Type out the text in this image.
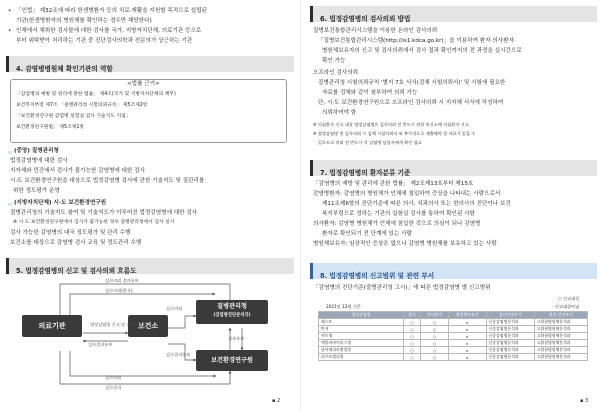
• 「인법」 제32조에 따라 한센병환자 등의 치료·재활을 지원할 목적으로 설립된
기관(한센병환자의 병원체를 확인하는 경우만 해당한다)
• 인체에서 채취한 검사물에 대한 검사를 국가, 지방자치단체, 의료기관 등으로
부터 위탁받아 처리하는 기관 중 진단검사의학과 전문의가 상근하는 기관
4. 감염병병원체 확인기관의 역할
<법률 근거>
「감염병의 예방 및 관리에 관한 법률」 제4조(국가 및 지방자치단체의 책무)
보건복지부령 제7조 「질병관리청 시험의뢰규칙」 제5조제2항
「보건환경연구원 감염병 실험실 검사 기술지도 지침」
보건환경연구원법」 제5조제1항
(중앙) 질병관리청
법정감염병에 대한 검사
지자체와 민간에서 검사가 불가능한 감염병에 대한 검사
시·도 보건환경연구원을 대상으로 법정감염병 검사에 관한 기술지도 및 질관리를
위한 정도평가 운영
(지방자치단체) 시·도 보건환경연구원
질병관리청의 기술지도 참여 및 기술지도가 이루어진 법정감염병에 대한 검사
※ 시·도 보건환경연구원에서 검사가 불가능한 경우 질병관리청에서 검사 실시
검사 가능한 감염병의 대국 정도평가 및 관리 수행
보건소를 대상으로 감염병 검사 교육 및 정도관리 수행
5. 법정감염병의 신고 및 검사의뢰 흐름도
의료기관	보건소
질병관리청
(감염병진단분석국)
보건환경연구원
검사의뢰 결과통보
검사의뢰(환자)
법정감염병 신고 및 검사의뢰
검사결과통보
검사의뢰
검사결과통보
결과통보
검사결과
검사의뢰
▪ 2
6. 법정감염병의 검사의뢰 방법
질병보건통합관리시스템을 이용한 온라인 검사의뢰
「질병보건통합관리시스템(http://is1.kdca.go.kr)」을 이용하여 환자·의사환자·
병원체보유자의 신고 및 검사의뢰에서 검사 결과 확인까지의 전 과정을 실시간으로
확인 가능
오프라인 검사의뢰
질병관리청 시험의뢰규칙 '별지 7호 서식(검체 시험의뢰서)' 및 시험에 필요한
자료를 검체와 같이 첨부하여 의뢰 가능
단, 시·도 보건환경연구원으로 오프라인 검사의뢰 시 지자체 서식에 작성하여
의뢰하여야 함
※ 의심환자 신고 대상 법정감염병은 검사의뢰 전 반드시 관할 보건소에 의심환자 신고
※ 법정감염병 및 검사의뢰 시 검체 시험의뢰서 외 추가적으로 제출해야 할 자료가 있을 수
있으므로 의뢰 전 반드시 각 감염병 담당자에게 확인 필요
7. 법정감염병의 환자분류 기준
「감염병의 예방 및 관리에 관한 법률」 제2조제13호부터 제15호
감염병환자: 감염병의 병원체가 인체에 침입하여 증상을 나타내는 사람으로서
제11조제6항의 진단기준에 따른 의사, 치과의사 또는 한의사의 진단이나 보건
복지부령으로 정하는 기관의 실험실 검사를 통하여 확인된 사람
의사환자: 감염병 병원체가 인체에 침입한 것으로 의심이 되나 감염병
환자로 확인되기 전 단계에 있는 사람
병원체보유자: 임상적인 증상은 없으나 감염병 병원체를 보유하고 있는 사람
8. 법정감염병의 신고범위 및 관련 부서
「감염병의 진단기준(질병관리청 고시)」에 따른 법정감염병 별 신고범위
○ 신고대상
- 신고대상아님
2021년 12월 기준
대상감염병	환자	의사환자	병원체보유자	검사담당부서	관리 담당부서
페스트	○	○	×	신종감염병분석과	고위험병원체분석과
탄저	○	○	×	신종감염병분석과	고위험병원체분석과
야토병	○	○	×	신종감염병분석과	고위험병원체분석과
에볼라바이러스병	○	○	×	신종감염병분석과	고위험병원체분석과
남아메리카출혈열	○	○	×	신종감염병분석과	고위험병원체분석과
리프트밸리열	○	○	×	신종감염병분석과	고위험병원체분석과
▪ 3
